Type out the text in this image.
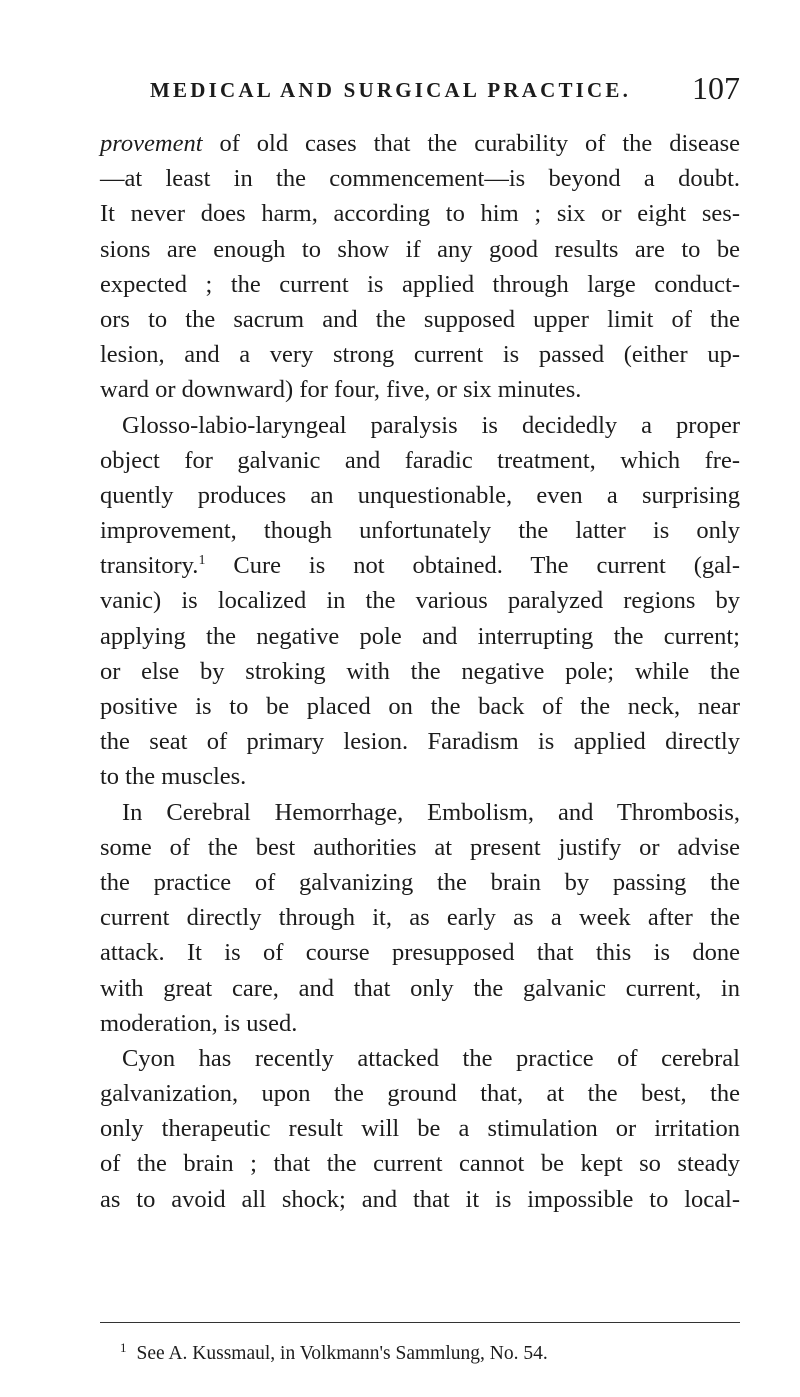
MEDICAL AND SURGICAL PRACTICE. 107
provement of old cases that the curability of the disease
—at least in the commencement—is beyond a doubt.
It never does harm, according to him ; six or eight ses-
sions are enough to show if any good results are to be
expected ; the current is applied through large conduct-
ors to the sacrum and the supposed upper limit of the
lesion, and a very strong current is passed (either up-
ward or downward) for four, five, or six minutes.
Glosso-labio-laryngeal paralysis is decidedly a proper
object for galvanic and faradic treatment, which fre-
quently produces an unquestionable, even a surprising
improvement, though unfortunately the latter is only
transitory.$^1$ Cure is not obtained. The current (gal-
vanic) is localized in the various paralyzed regions by
applying the negative pole and interrupting the current;
or else by stroking with the negative pole; while the
positive is to be placed on the back of the neck, near
the seat of primary lesion. Faradism is applied directly
to the muscles.
In Cerebral Hemorrhage, Embolism, and Thrombosis,
some of the best authorities at present justify or advise
the practice of galvanizing the brain by passing the
current directly through it, as early as a week after the
attack. It is of course presupposed that this is done
with great care, and that only the galvanic current, in
moderation, is used.
Cyon has recently attacked the practice of cerebral
galvanization, upon the ground that, at the best, the
only therapeutic result will be a stimulation or irritation
of the brain ; that the current cannot be kept so steady
as to avoid all shock; and that it is impossible to local-
$^1$ See A. Kussmaul, in Volkmann's Sammlung, No. 54.
